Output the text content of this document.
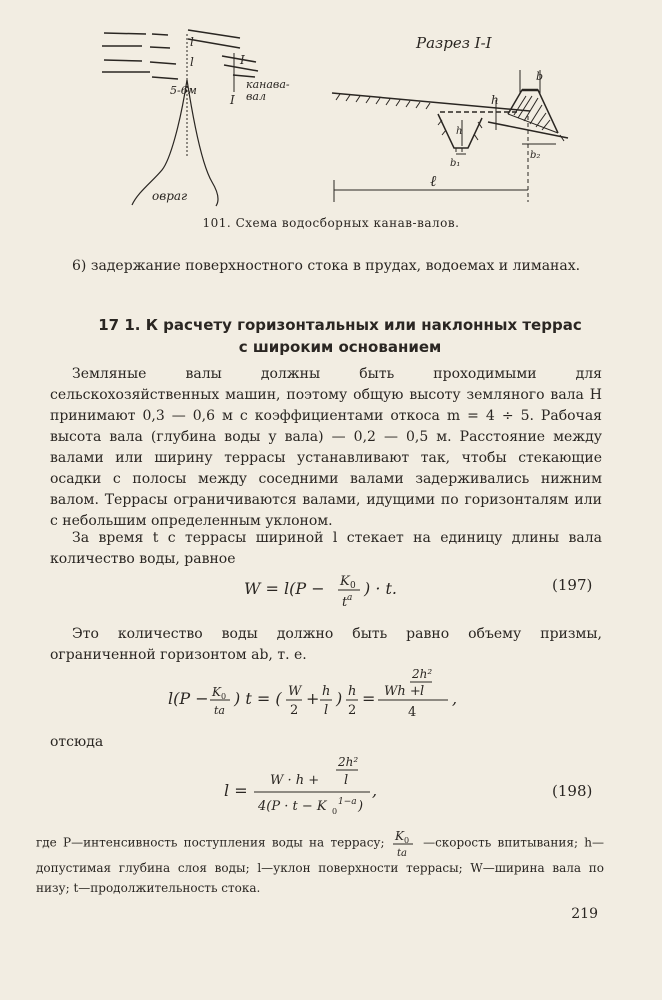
l
l	I
I
5-6м	канава-вал
овраг
Разрез I-I
b
h
h
b₁
b₂
ℓ
101. Схема водосборных канав-валов.
6) задержание поверхностного стока в прудах, водоемах и лиманах.
17 1. К расчету горизонтальных или наклонных террас
с широким основанием
Земляные валы должны быть проходимыми для сельскохозяйственных машин, поэтому общую высоту земляного вала H принимают 0,3 — 0,6 м с коэффициентами откоса m = 4 ÷ 5. Рабочая высота вала (глубина воды у вала) — 0,2 — 0,5 м. Расстояние между валами или ширину террасы устанавливают так, чтобы стекающие осадки с полосы между соседними валами задерживались нижним валом. Террасы ограничиваются валами, идущими по горизонталям или с небольшим определенным уклоном.
За время t с террасы шириной l стекает на единицу длины вала количество воды, равное
W = l(P − K 0
t a ) · t.	(197)
Это количество воды должно быть равно объему призмы, ограниченной горизонтом ab, т. е.
l(P − K 0
ta
) t = ( W
2
+ h
l
) h
2
=
2h²
Wh + l
4
,
отсюда
l =
2h²
W · h + l
4(P · t − K 0
1−a )
,	(198)
где P—интенсивность поступления воды на террасу; K 0
ta
—скорость впитывания; h—допустимая глубина слоя воды; l—уклон поверхности террасы; W—ширина вала по низу; t—продолжительность стока.
219
